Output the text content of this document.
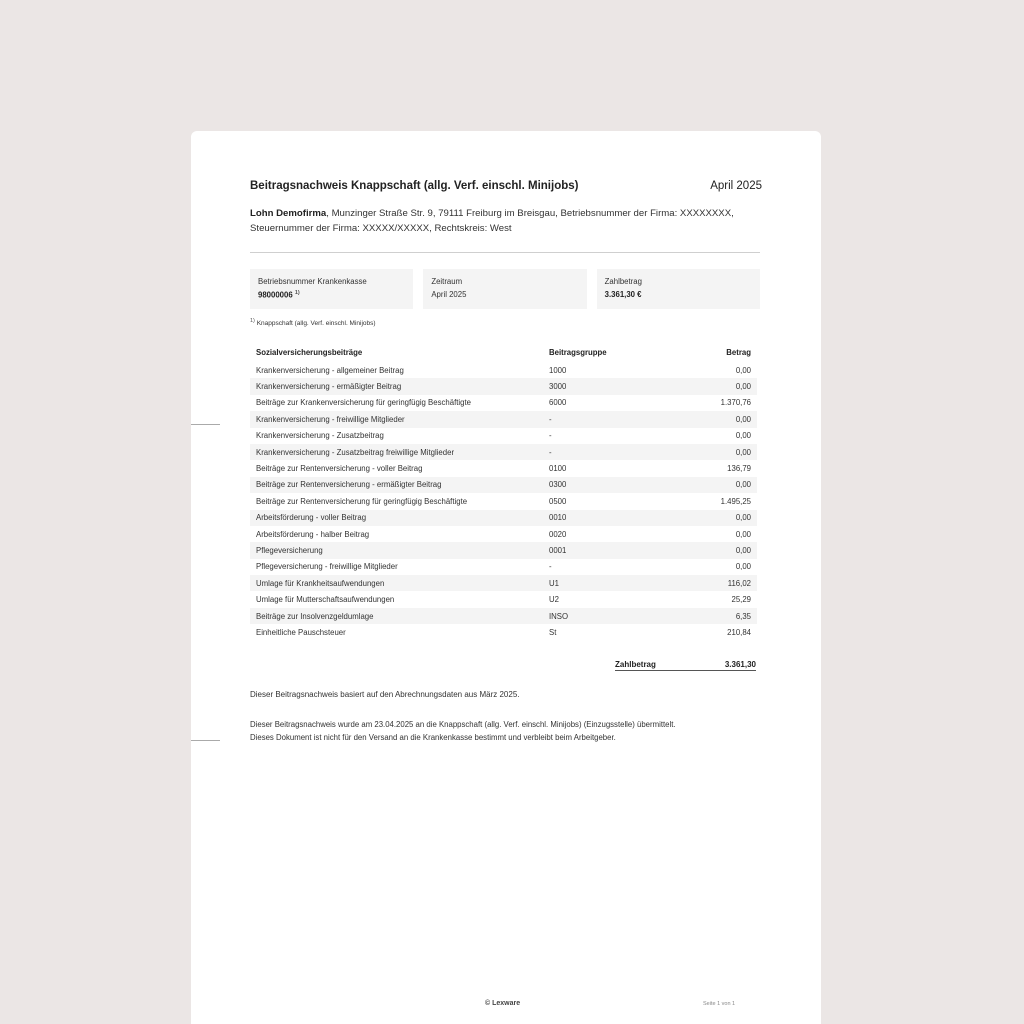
Beitragsnachweis Knappschaft (allg. Verf. einschl. Minijobs)	April 2025
Lohn Demofirma, Munzinger Straße Str. 9, 79111 Freiburg im Breisgau, Betriebsnummer der Firma: XXXXXXXX,
Steuernummer der Firma: XXXXX/XXXXX, Rechtskreis: West
Betriebsnummer Krankenkasse
98000006 $^{1)}$
Zeitraum
April 2025
Zahlbetrag
3.361,30 €
$^{1)}$ Knappschaft (allg. Verf. einschl. Minijobs)
Sozialversicherungsbeiträge	Beitragsgruppe	Betrag
Krankenversicherung - allgemeiner Beitrag	1000	0,00
Krankenversicherung - ermäßigter Beitrag	3000	0,00
Beiträge zur Krankenversicherung für geringfügig Beschäftigte	6000	1.370,76
Krankenversicherung - freiwillige Mitglieder	-	0,00
Krankenversicherung - Zusatzbeitrag	-	0,00
Krankenversicherung - Zusatzbeitrag freiwillige Mitglieder	-	0,00
Beiträge zur Rentenversicherung - voller Beitrag	0100	136,79
Beiträge zur Rentenversicherung - ermäßigter Beitrag	0300	0,00
Beiträge zur Rentenversicherung für geringfügig Beschäftigte	0500	1.495,25
Arbeitsförderung - voller Beitrag	0010	0,00
Arbeitsförderung - halber Beitrag	0020	0,00
Pflegeversicherung	0001	0,00
Pflegeversicherung - freiwillige Mitglieder	-	0,00
Umlage für Krankheitsaufwendungen	U1	116,02
Umlage für Mutterschaftsaufwendungen	U2	25,29
Beiträge zur Insolvenzgeldumlage	INSO	6,35
Einheitliche Pauschsteuer	St	210,84
Zahlbetrag	3.361,30
Dieser Beitragsnachweis basiert auf den Abrechnungsdaten aus März 2025.
Dieser Beitragsnachweis wurde am 23.04.2025 an die Knappschaft (allg. Verf. einschl. Minijobs) (Einzugsstelle) übermittelt.
Dieses Dokument ist nicht für den Versand an die Krankenkasse bestimmt und verbleibt beim Arbeitgeber.
© Lexware	Seite 1 von 1
